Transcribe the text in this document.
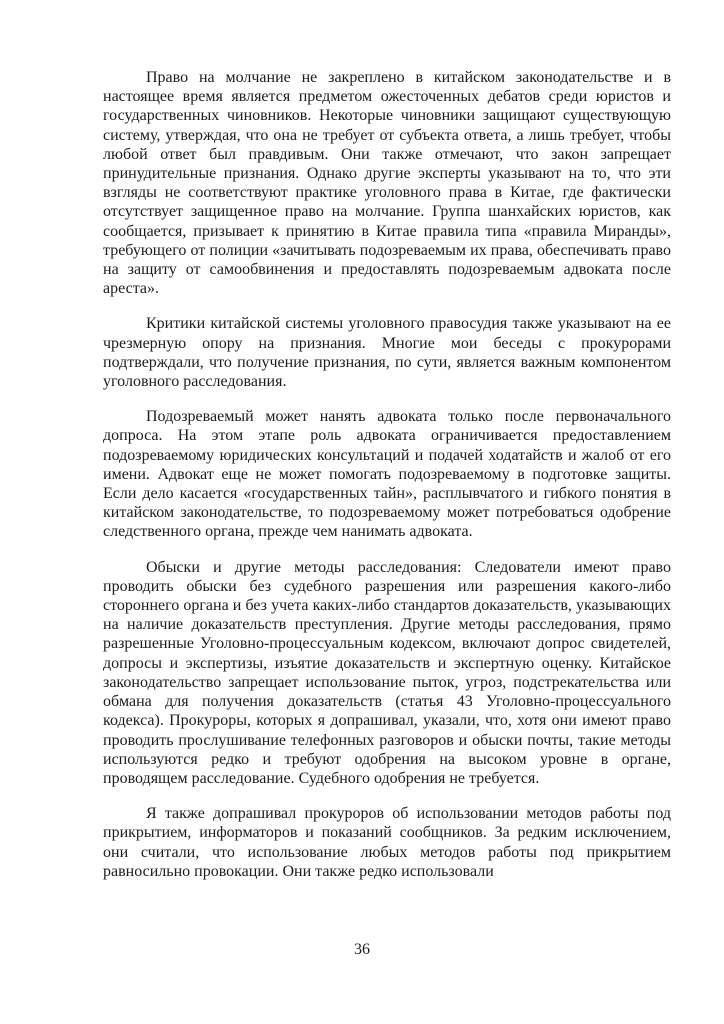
Право на молчание не закреплено в китайском законодательстве и в настоящее время является предметом ожесточенных дебатов среди юристов и государственных чиновников. Некоторые чиновники защищают существующую систему, утверждая, что она не требует от субъекта ответа, а лишь требует, чтобы любой ответ был правдивым. Они также отмечают, что закон запрещает принудительные признания. Однако другие эксперты указывают на то, что эти взгляды не соответствуют практике уголовного права в Китае, где фактически отсутствует защищенное право на молчание. Группа шанхайских юристов, как сообщается, призывает к принятию в Китае правила типа «правила Миранды», требующего от полиции «зачитывать подозреваемым их права, обеспечивать право на защиту от самообвинения и предоставлять подозреваемым адвоката после ареста».

Критики китайской системы уголовного правосудия также указывают на ее чрезмерную опору на признания. Многие мои беседы с прокурорами подтверждали, что получение признания, по сути, является важным компонентом уголовного расследования.

Подозреваемый может нанять адвоката только после первоначального допроса. На этом этапе роль адвоката ограничивается предоставлением подозреваемому юридических консультаций и подачей ходатайств и жалоб от его имени. Адвокат еще не может помогать подозреваемому в подготовке защиты. Если дело касается «государственных тайн», расплывчатого и гибкого понятия в китайском законодательстве, то подозреваемому может потребоваться одобрение следственного органа, прежде чем нанимать адвоката.

Обыски и другие методы расследования: Следователи имеют право проводить обыски без судебного разрешения или разрешения какого-либо стороннего органа и без учета каких-либо стандартов доказательств, указывающих на наличие доказательств преступления. Другие методы расследования, прямо разрешенные Уголовно-процессуальным кодексом, включают допрос свидетелей, допросы и экспертизы, изъятие доказательств и экспертную оценку. Китайское законодательство запрещает использование пыток, угроз, подстрекательства или обмана для получения доказательств (статья 43 Уголовно-процессуального кодекса). Прокуроры, которых я допрашивал, указали, что, хотя они имеют право проводить прослушивание телефонных разговоров и обыски почты, такие методы используются редко и требуют одобрения на высоком уровне в органе, проводящем расследование. Судебного одобрения не требуется.

Я также допрашивал прокуроров об использовании методов работы под прикрытием, информаторов и показаний сообщников. За редким исключением, они считали, что использование любых методов работы под прикрытием равносильно провокации. Они также редко использовали

36
